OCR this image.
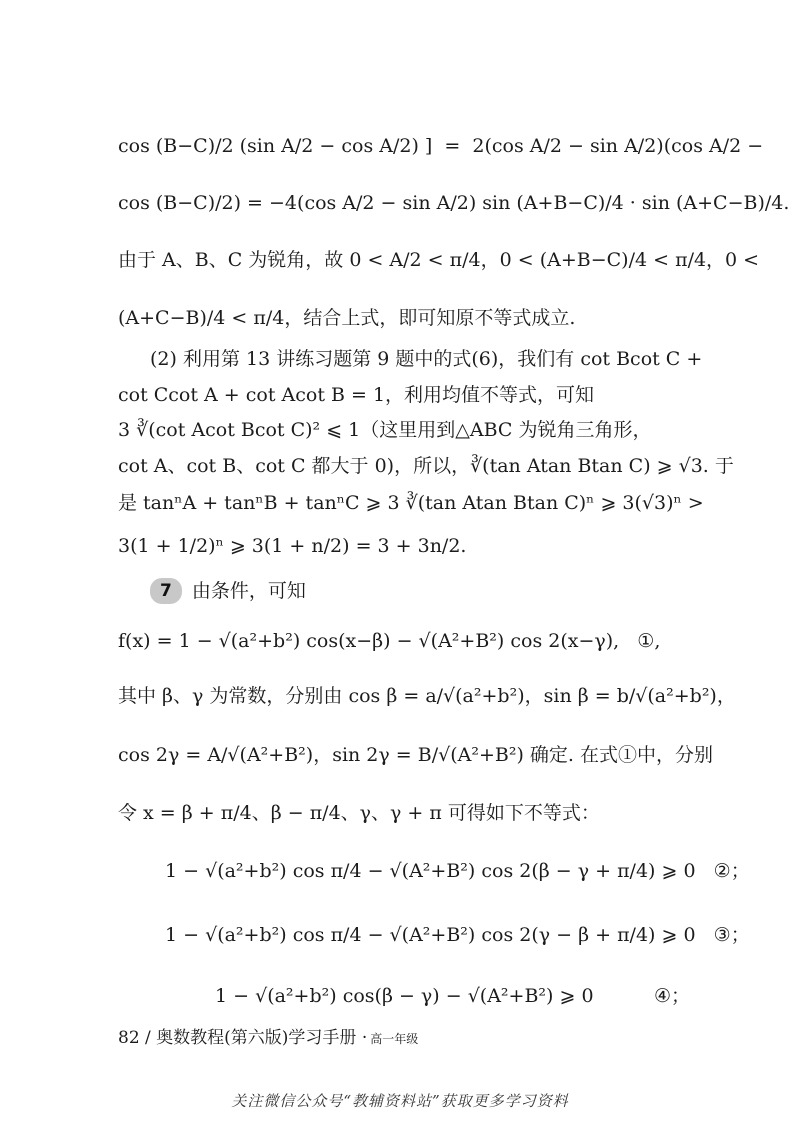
cos (B−C)/2 (sin A/2 − cos A/2) ]  =  2(cos A/2 − sin A/2)(cos A/2 −
cos (B−C)/2) = −4(cos A/2 − sin A/2) sin (A+B−C)/4 · sin (A+C−B)/4.
由于 A、B、C 为锐角，故 0 < A/2 < π/4，0 < (A+B−C)/4 < π/4，0 <
(A+C−B)/4 < π/4，结合上式，即可知原不等式成立.
(2) 利用第 13 讲练习题第 9 题中的式(6)，我们有 cot Bcot C +
cot Ccot A + cot Acot B = 1，利用均值不等式，可知
3 ∛(cot Acot Bcot C)² ⩽ 1（这里用到△ABC 为锐角三角形，
cot A、cot B、cot C 都大于 0)，所以，∛(tan Atan Btan C) ⩾ √3. 于
是 tanⁿA + tanⁿB + tanⁿC ⩾ 3 ∛(tan Atan Btan C)ⁿ ⩾ 3(√3)ⁿ >
3(1 + 1/2)ⁿ ⩾ 3(1 + n/2) = 3 + 3n/2.
7	由条件，可知
f(x) = 1 − √(a²+b²) cos(x−β) − √(A²+B²) cos 2(x−γ),   ①,
其中 β、γ 为常数，分别由 cos β = a/√(a²+b²)，sin β = b/√(a²+b²)，
cos 2γ = A/√(A²+B²)，sin 2γ = B/√(A²+B²) 确定. 在式①中，分别
令 x = β + π/4、β − π/4、γ、γ + π 可得如下不等式：
1 − √(a²+b²) cos π/4 − √(A²+B²) cos 2(β − γ + π/4) ⩾ 0   ②；
1 − √(a²+b²) cos π/4 − √(A²+B²) cos 2(γ − β + π/4) ⩾ 0   ③；
1 − √(a²+b²) cos(β − γ) − √(A²+B²) ⩾ 0          ④；
82 / 奥数教程(第六版)学习手册 · 高一年级
关注微信公众号“教辅资料站”获取更多学习资料
